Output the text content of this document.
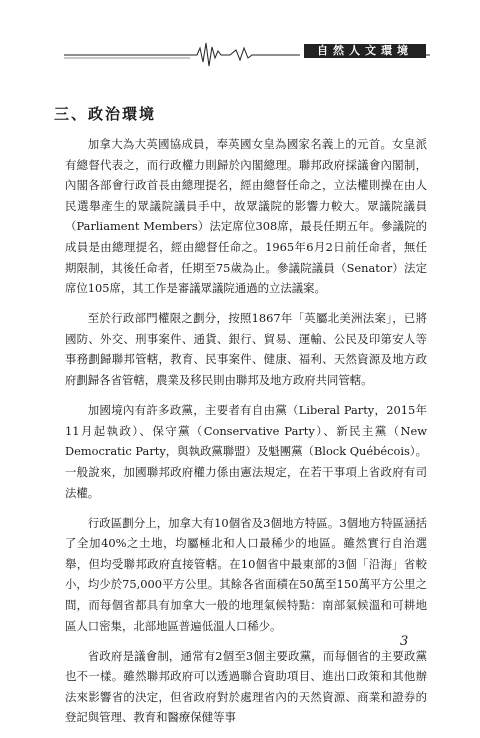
自然人文環境
三、政治環境

加拿大為大英國協成員，奉英國女皇為國家名義上的元首。女皇派有總督代表之，而行政權力則歸於內閣總理。聯邦政府採議會內閣制，內閣各部會行政首長由總理提名，經由總督任命之，立法權則操在由人民選舉產生的眾議院議員手中，故眾議院的影響力較大。眾議院議員（Parliament Members）法定席位308席，最長任期五年。參議院的成員是由總理提名，經由總督任命之。1965年6月2日前任命者，無任期限制，其後任命者，任期至75歲為止。參議院議員（Senator）法定席位105席，其工作是審議眾議院通過的立法議案。

至於行政部門權限之劃分，按照1867年「英屬北美洲法案」，已將國防、外交、刑事案件、通貨、銀行、貿易、運輸、公民及印第安人等事務劃歸聯邦管轄，教育、民事案件、健康、福利、天然資源及地方政府劃歸各省管轄，農業及移民則由聯邦及地方政府共同管轄。

加國境內有許多政黨，主要者有自由黨（Liberal Party，2015年11月起執政）、保守黨（Conservative Party）、新民主黨（New Democratic Party，與執政黨聯盟）及魁團黨（Block Québécois）。一般說來，加國聯邦政府權力係由憲法規定，在若干事項上省政府有司法權。

行政區劃分上，加拿大有10個省及3個地方特區。3個地方特區涵括了全加40%之土地，均屬極北和人口最稀少的地區。雖然實行自治選舉，但均受聯邦政府直接管轄。在10個省中最東部的3個「沿海」省較小，均少於75,000平方公里。其餘各省面積在50萬至150萬平方公里之間，而每個省都具有加拿大一般的地理氣候特點：南部氣候溫和可耕地區人口密集，北部地區普遍低溫人口稀少。

省政府是議會制，通常有2個至3個主要政黨，而每個省的主要政黨也不一樣。雖然聯邦政府可以透過聯合資助項目、進出口政策和其他辦法來影響省的決定，但省政府對於處理省內的天然資源、商業和證券的登記與管理、教育和醫療保健等事

3
